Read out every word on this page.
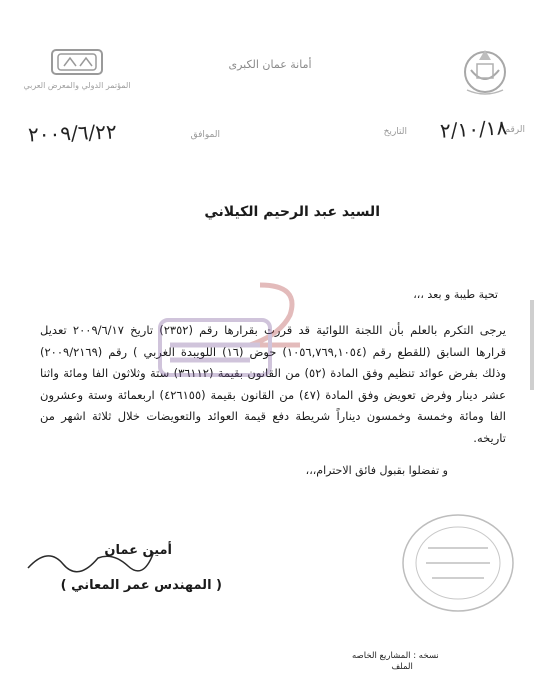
المؤتمر الدولي والمعرض العربي
أمانة عمان الكبرى
الرقم
التاريخ
الموافق	٢/١٠/١٨
٢٠٠٩/٦/٢٢
السيد عبد الرحيم الكيلاني
تحية طيبة و بعد ،،،
يرجى التكرم بالعلم بأن اللجنة اللوائية قد قررت بقرارها رقم (٢٣٥٢) تاريخ ٢٠٠٩/٦/١٧ تعديل قرارها السابق (للقطع رقم (١٠٥٦,٧٦٩,١٠٥٤) حوض (١٦) اللويبدة الغربي ) رقم (٢٠٠٩/٢١٦٩) وذلك بفرض عوائد تنظيم وفق المادة (٥٢) من القانون بقيمة (٣٦١١٢) ستة وثلاثون الفا ومائة واثنا عشر دينار وفرض تعويض وفق المادة (٤٧) من القانون بقيمة (٤٢٦١٥٥) اربعمائة وستة وعشرون الفا ومائة وخمسة وخمسون ديناراً شريطة دفع قيمة العوائد والتعويضات خلال ثلاثة اشهر من تاريخه.
و تفضلوا بقبول فائق الاحترام،،،
أمين عمان
( المهندس عمر المعاني )
نسخه : المشاريع الخاصه
الملف
